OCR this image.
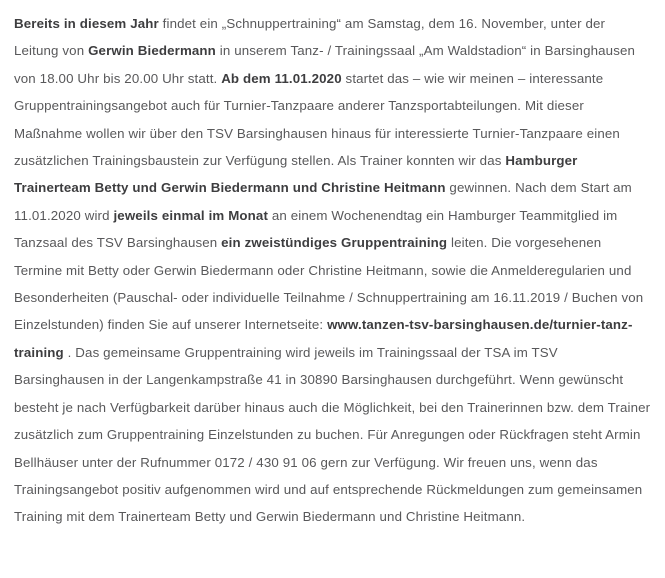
Bereits in diesem Jahr findet ein „Schnuppertraining“ am Samstag, dem 16. November, unter der Leitung von Gerwin Biedermann in unserem Tanz- / Trainingssaal „Am Waldstadion“ in Barsinghausen von 18.00 Uhr bis 20.00 Uhr statt. Ab dem 11.01.2020 startet das – wie wir meinen – interessante Gruppentrainingsangebot auch für Turnier-Tanzpaare anderer Tanzsportabteilungen. Mit dieser Maßnahme wollen wir über den TSV Barsinghausen hinaus für interessierte Turnier-Tanzpaare einen zusätzlichen Trainingsbaustein zur Verfügung stellen. Als Trainer konnten wir das Hamburger Trainerteam Betty und Gerwin Biedermann und Christine Heitmann gewinnen. Nach dem Start am 11.01.2020 wird jeweils einmal im Monat an einem Wochenendtag ein Hamburger Teammitglied im Tanzsaal des TSV Barsinghausen ein zweistündiges Gruppentraining leiten. Die vorgesehenen Termine mit Betty oder Gerwin Biedermann oder Christine Heitmann, sowie die Anmelderegularien und Besonderheiten (Pauschal- oder individuelle Teilnahme / Schnuppertraining am 16.11.2019 / Buchen von Einzelstunden) finden Sie auf unserer Internetseite: www.tanzen-tsv-barsinghausen.de/turnier-tanz-training . Das gemeinsame Gruppentraining wird jeweils im Trainingssaal der TSA im TSV Barsinghausen in der Langenkampstraße 41 in 30890 Barsinghausen durchgeführt. Wenn gewünscht besteht je nach Verfügbarkeit darüber hinaus auch die Möglichkeit, bei den Trainerinnen bzw. dem Trainer zusätzlich zum Gruppentraining Einzelstunden zu buchen. Für Anregungen oder Rückfragen steht Armin Bellhäuser unter der Rufnummer 0172 / 430 91 06 gern zur Verfügung. Wir freuen uns, wenn das Trainingsangebot positiv aufgenommen wird und auf entsprechende Rückmeldungen zum gemeinsamen Training mit dem Trainerteam Betty und Gerwin Biedermann und Christine Heitmann.
